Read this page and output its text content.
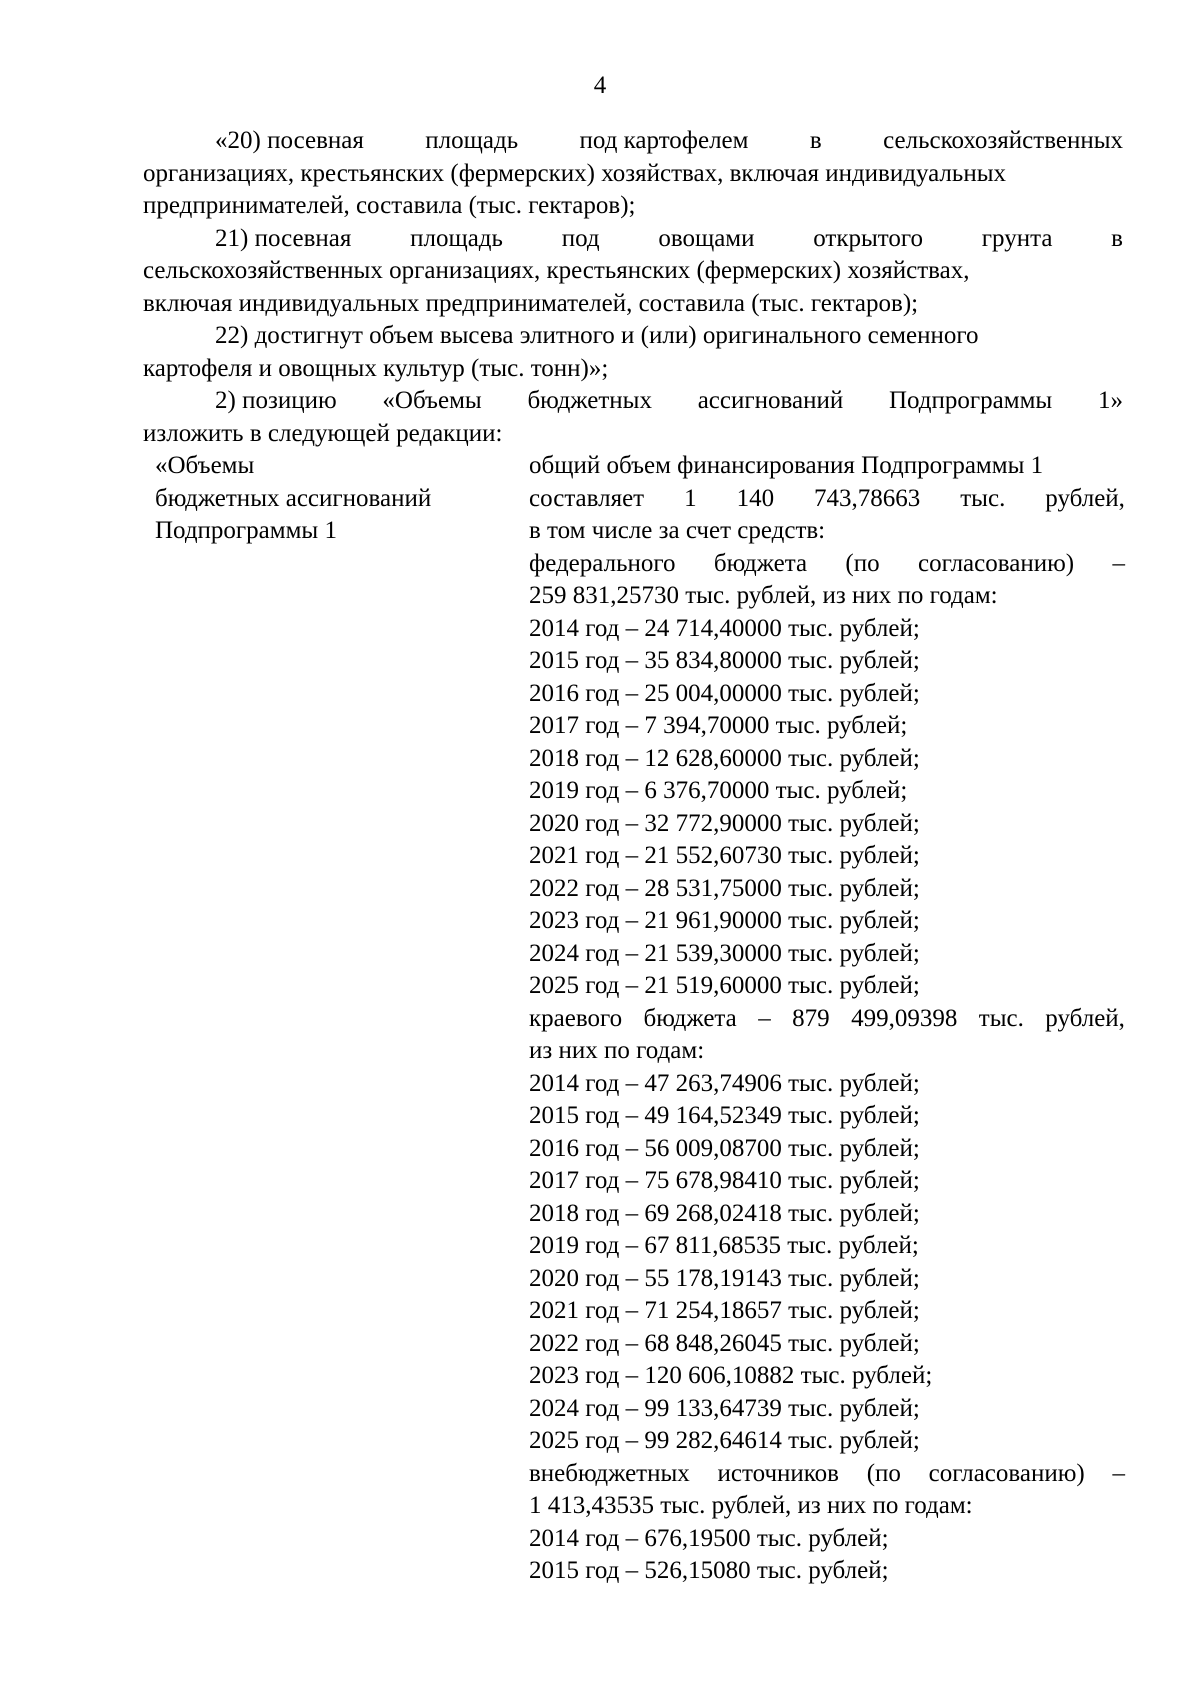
4
«20) посевная площадь под картофелем в сельскохозяйственных
организациях, крестьянских (фермерских) хозяйствах, включая индивидуальных
предпринимателей, составила (тыс. гектаров);
21) посевная площадь под овощами открытого грунта в
сельскохозяйственных организациях, крестьянских (фермерских) хозяйствах,
включая индивидуальных предпринимателей, составила (тыс. гектаров);
22) достигнут объем высева элитного и (или) оригинального семенного
картофеля и овощных культур (тыс. тонн)»;
2) позицию «Объемы бюджетных ассигнований Подпрограммы 1»
изложить в следующей редакции:
«Объемы
бюджетных ассигнований
Подпрограммы 1
общий объем финансирования Подпрограммы 1
составляет 1 140 743,78663 тыс. рублей,
в том числе за счет средств:
федерального бюджета (по согласованию) –
259 831,25730 тыс. рублей, из них по годам:
2014 год – 24 714,40000 тыс. рублей;
2015 год – 35 834,80000 тыс. рублей;
2016 год – 25 004,00000 тыс. рублей;
2017 год – 7 394,70000 тыс. рублей;
2018 год – 12 628,60000 тыс. рублей;
2019 год – 6 376,70000 тыс. рублей;
2020 год – 32 772,90000 тыс. рублей;
2021 год – 21 552,60730 тыс. рублей;
2022 год – 28 531,75000 тыс. рублей;
2023 год – 21 961,90000 тыс. рублей;
2024 год – 21 539,30000 тыс. рублей;
2025 год – 21 519,60000 тыс. рублей;
краевого бюджета – 879 499,09398 тыс. рублей,
из них по годам:
2014 год – 47 263,74906 тыс. рублей;
2015 год – 49 164,52349 тыс. рублей;
2016 год – 56 009,08700 тыс. рублей;
2017 год – 75 678,98410 тыс. рублей;
2018 год – 69 268,02418 тыс. рублей;
2019 год – 67 811,68535 тыс. рублей;
2020 год – 55 178,19143 тыс. рублей;
2021 год – 71 254,18657 тыс. рублей;
2022 год – 68 848,26045 тыс. рублей;
2023 год – 120 606,10882 тыс. рублей;
2024 год – 99 133,64739 тыс. рублей;
2025 год – 99 282,64614 тыс. рублей;
внебюджетных источников (по согласованию) –
1 413,43535 тыс. рублей, из них по годам:
2014 год – 676,19500 тыс. рублей;
2015 год – 526,15080 тыс. рублей;
